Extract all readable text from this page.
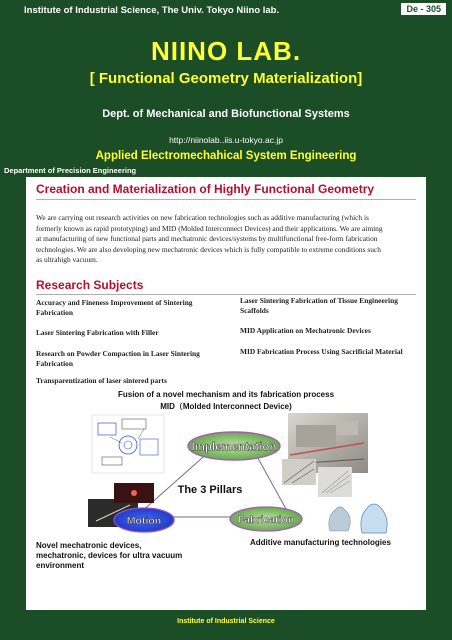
Institute of Industrial Science, The Univ. Tokyo Niino lab.	De - 305
NIINO LAB.
[ Functional Geometry Materialization]
Dept. of Mechanical and Biofunctional Systems
http://niinolab..iis.u-tokyo.ac.jp
Applied Electromechahical System Engineering
Department of Precision Engineering
Creation and Materialization of Highly Functional Geometry
We are carrying out research activities on new fabrication technologies such as additive manufacturing (which is
formerly known as rapid prototyping) and MID (Molded Interconnect Devices) and their applications. We are aiming
at manufacturing of new functional parts and mechatronic devices/systems by multifunctional free-form fabrication
technologies. We are also developing new mechatronic devices which is fully compatible to extreme conditions such
as ultrahigh vacuum.
Research Subjects
Accuracy and Fineness Improvement of Sintering
Fabrication
Laser Sintering Fabrication with Filler
Research on Powder Compaction in Laser Sintering
Fabrication
Transparentization of laser sintered parts
Laser Sintering Fabrication of Tissue Engineering
Scaffolds
MID Application on Mechatronic Devices
MID Fabrication Process Using Sacrificial Material
Fusion of a novel mechanism and its fabrication process
MID（Molded Interconnect Device)
Implementation
The 3 Pillars
Motion	Fabrication
Novel mechatronic devices,
mechatronic, devices for ultra vacuum
environment
Additive manufacturing technologies
Institute of Industrial Science
